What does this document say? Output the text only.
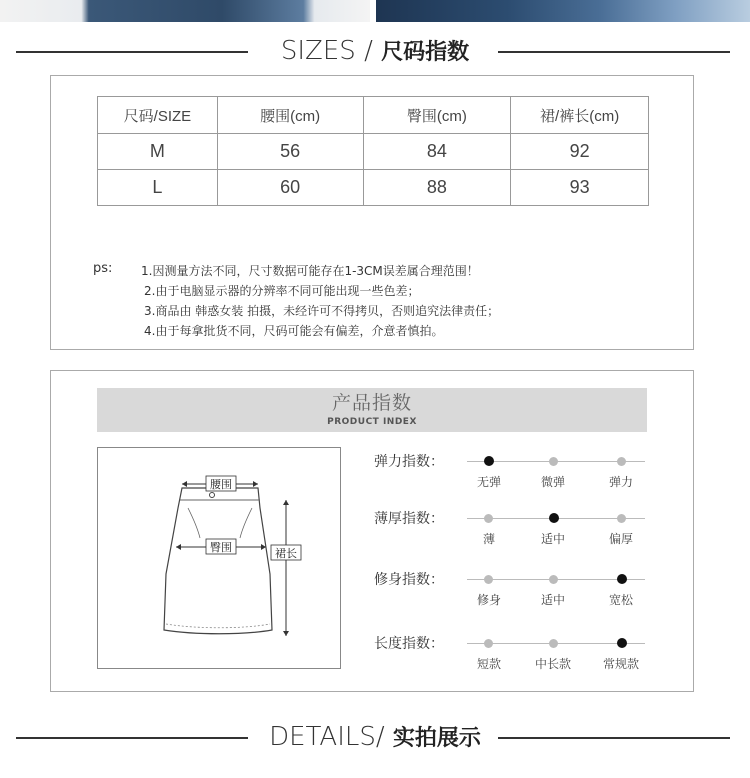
SIZES / 尺码指数
尺码/SIZE	腰围(cm)	臀围(cm)	裙/裤长(cm)
M	56	84	92
L	60	88	93
ps: 1.因测量方法不同，尺寸数据可能存在1-3CM误差属合理范围！
2.由于电脑显示器的分辨率不同可能出现一些色差；
3.商品由 韩惑女装 拍摄，未经许可不得拷贝，否则追究法律责任；
4.由于每拿批货不同，尺码可能会有偏差，介意者慎拍。
产品指数
PRODUCT INDEX
腰围
臀围	裙长
弹力指数：
无弹	微弹	弹力
薄厚指数：
薄	适中	偏厚
修身指数：
修身	适中	宽松
长度指数：
短款	中长款	常规款
DETAILS/ 实拍展示
